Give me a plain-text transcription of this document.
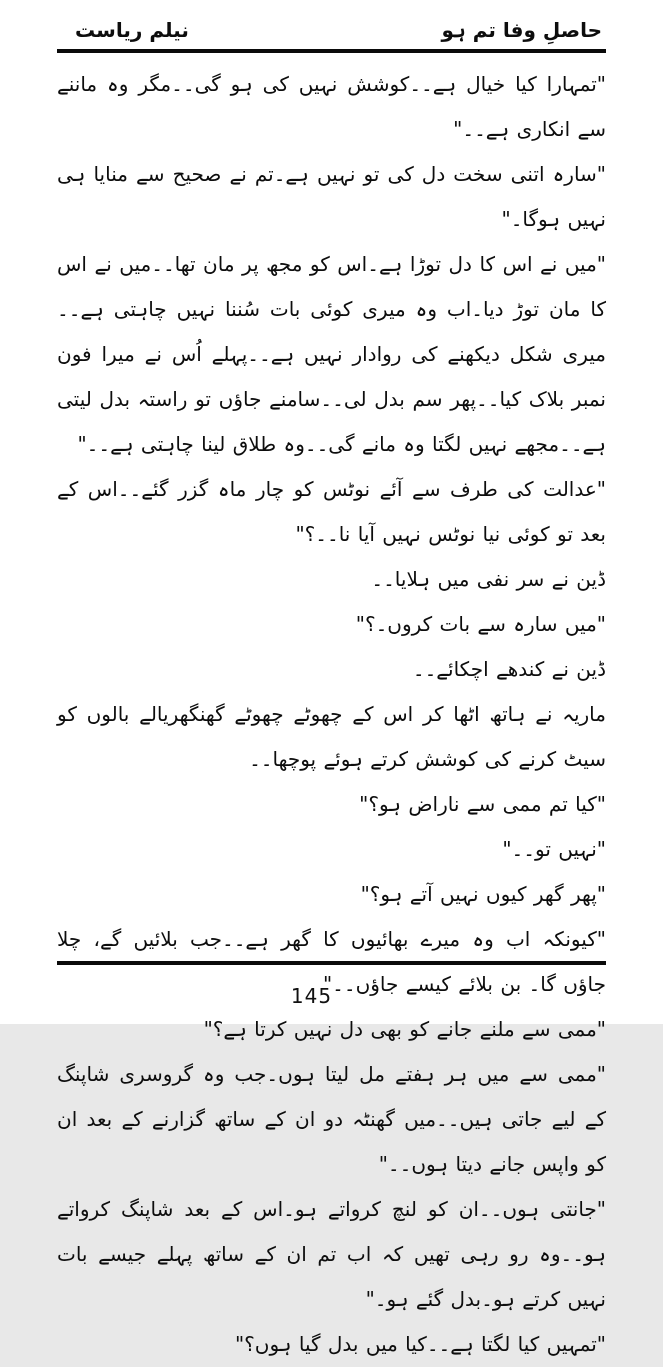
حاصلِ وفا تم ہو
نیلم ریاست

"تمہارا کیا خیال ہے۔۔کوشش نہیں کی ہو گی۔۔مگر وہ ماننے سے انکاری ہے۔۔"

"سارہ اتنی سخت دل کی تو نہیں ہے۔تم نے صحیح سے منایا ہی نہیں ہوگا۔"

"میں نے اس کا دل توڑا ہے۔اس کو مجھ پر مان تھا۔۔میں نے اس کا مان توڑ دیا۔اب وہ میری کوئی بات سُننا نہیں چاہتی ہے۔۔میری شکل دیکھنے کی روادار نہیں ہے۔۔پہلے اُس نے میرا فون نمبر بلاک کیا۔۔پھر سم بدل لی۔۔سامنے جاؤں تو راستہ بدل لیتی ہے۔۔مجھے نہیں لگتا وہ مانے گی۔۔وہ طلاق لینا چاہتی ہے۔۔"

"عدالت کی طرف سے آئے نوٹس کو چار ماہ گزر گئے۔۔اس کے بعد تو کوئی نیا نوٹس نہیں آیا نا۔۔؟"

ڈین نے سر نفی میں ہلایا۔۔

"میں سارہ سے بات کروں۔؟"

ڈین نے کندھے اچکائے۔۔

ماریہ نے ہاتھ اٹھا کر اس کے چھوٹے چھوٹے گھنگھریالے بالوں کو سیٹ کرنے کی کوشش کرتے ہوئے پوچھا۔۔

"کیا تم ممی سے ناراض ہو؟"

"نہیں تو۔۔"

"پھر گھر کیوں نہیں آتے ہو؟"

"کیونکہ اب وہ میرے بھائیوں کا گھر ہے۔۔جب بلائیں گے، چلا جاؤں گا۔ بن بلائے کیسے جاؤں۔۔"

"ممی سے ملنے جانے کو بھی دل نہیں کرتا ہے؟"

"ممی سے میں ہر ہفتے مل لیتا ہوں۔جب وہ گروسری شاپنگ کے لیے جاتی ہیں۔۔میں گھنٹہ دو ان کے ساتھ گزارنے کے بعد ان کو واپس جانے دیتا ہوں۔۔"

"جانتی ہوں۔۔ان کو لنچ کرواتے ہو۔اس کے بعد شاپنگ کرواتے ہو۔۔وہ رو رہی تھیں کہ اب تم ان کے ساتھ پہلے جیسے بات نہیں کرتے ہو۔بدل گئے ہو۔"

"تمہیں کیا لگتا ہے۔۔کیا میں بدل گیا ہوں؟"

145
